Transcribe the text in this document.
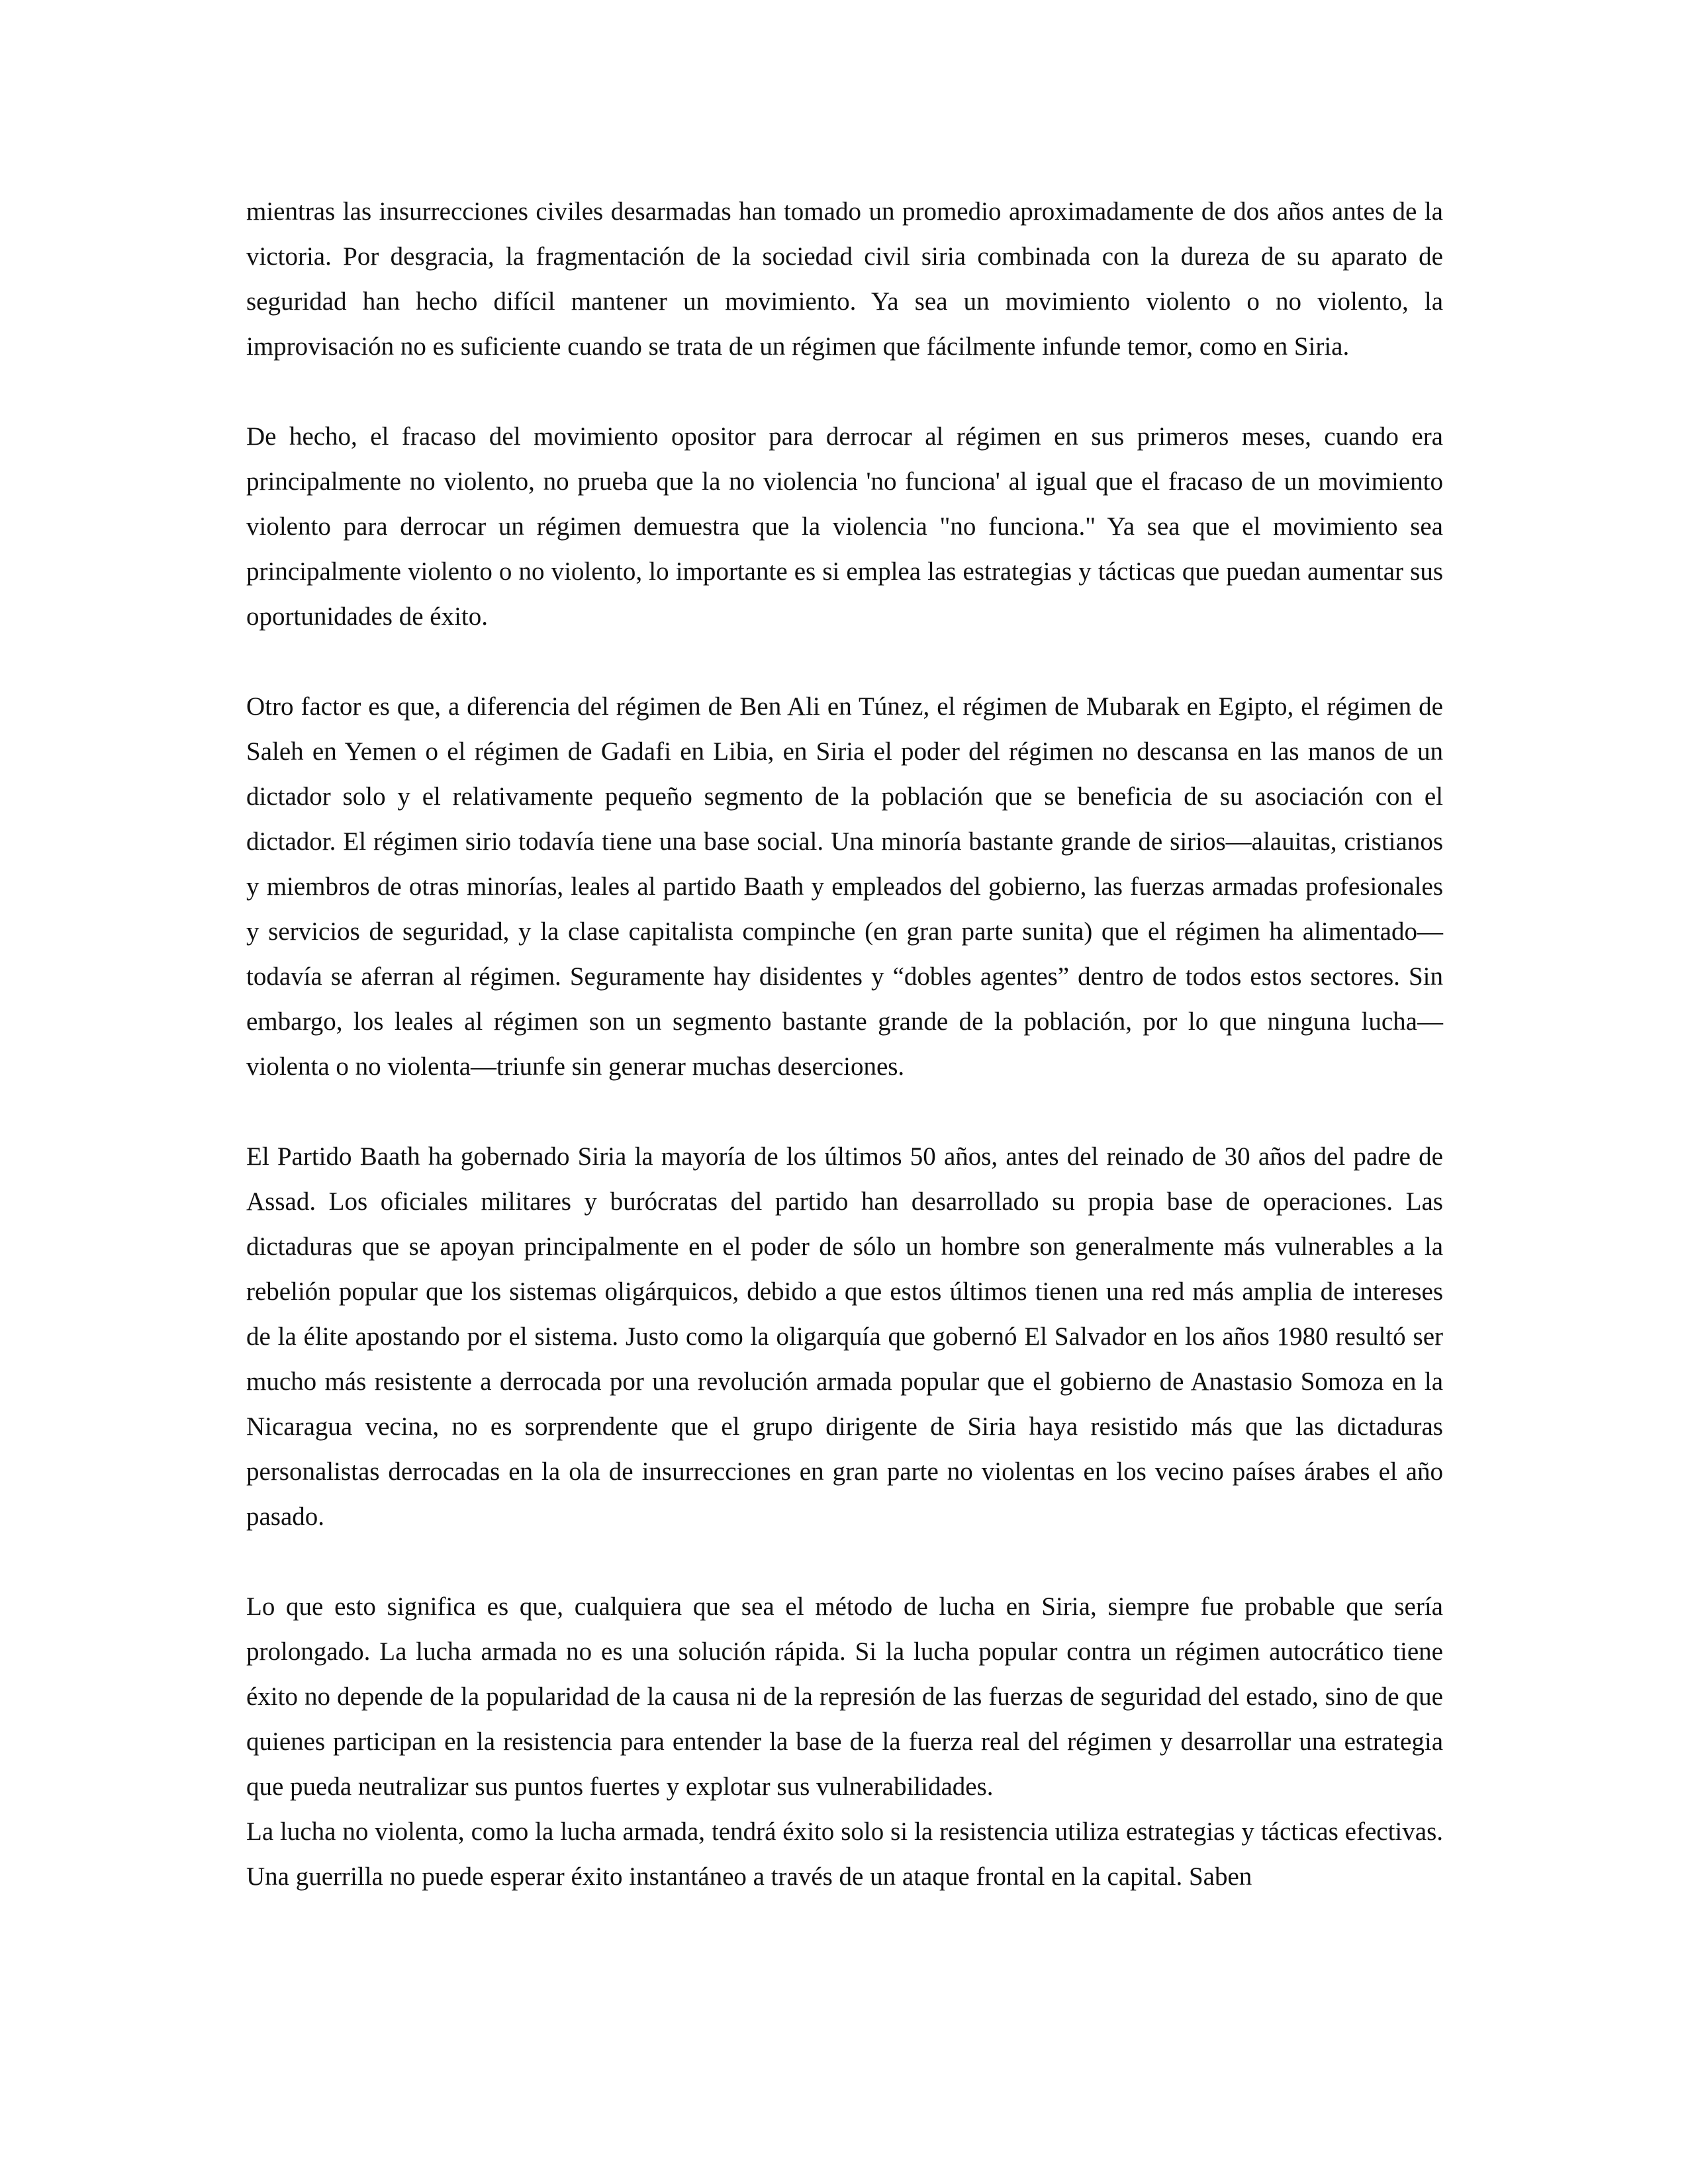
mientras las insurrecciones civiles desarmadas han tomado un promedio aproximadamente de dos años antes de la victoria. Por desgracia, la fragmentación de la sociedad civil siria combinada con la dureza de su aparato de seguridad han hecho difícil mantener un movimiento. Ya sea un movimiento violento o no violento, la improvisación no es suficiente cuando se trata de un régimen que fácilmente infunde temor, como en Siria.

De hecho, el fracaso del movimiento opositor para derrocar al régimen en sus primeros meses, cuando era principalmente no violento, no prueba que la no violencia 'no funciona' al igual que el fracaso de un movimiento violento para derrocar un régimen demuestra que la violencia "no funciona." Ya sea que el movimiento sea principalmente violento o no violento, lo importante es si emplea las estrategias y tácticas que puedan aumentar sus oportunidades de éxito.

Otro factor es que, a diferencia del régimen de Ben Ali en Túnez, el régimen de Mubarak en Egipto, el régimen de Saleh en Yemen o el régimen de Gadafi en Libia, en Siria el poder del régimen no descansa en las manos de un dictador solo y el relativamente pequeño segmento de la población que se beneficia de su asociación con el dictador. El régimen sirio todavía tiene una base social. Una minoría bastante grande de sirios—alauitas, cristianos y miembros de otras minorías, leales al partido Baath y empleados del gobierno, las fuerzas armadas profesionales y servicios de seguridad, y la clase capitalista compinche (en gran parte sunita) que el régimen ha alimentado—todavía se aferran al régimen. Seguramente hay disidentes y “dobles agentes” dentro de todos estos sectores. Sin embargo, los leales al régimen son un segmento bastante grande de la población, por lo que ninguna lucha—violenta o no violenta—triunfe sin generar muchas deserciones.

El Partido Baath ha gobernado Siria la mayoría de los últimos 50 años, antes del reinado de 30 años del padre de Assad. Los oficiales militares y burócratas del partido han desarrollado su propia base de operaciones. Las dictaduras que se apoyan principalmente en el poder de sólo un hombre son generalmente más vulnerables a la rebelión popular que los sistemas oligárquicos, debido a que estos últimos tienen una red más amplia de intereses de la élite apostando por el sistema. Justo como la oligarquía que gobernó El Salvador en los años 1980 resultó ser mucho más resistente a derrocada por una revolución armada popular que el gobierno de Anastasio Somoza en la Nicaragua vecina, no es sorprendente que el grupo dirigente de Siria haya resistido más que las dictaduras personalistas derrocadas en la ola de insurrecciones en gran parte no violentas en los vecino países árabes el año pasado.

Lo que esto significa es que, cualquiera que sea el método de lucha en Siria, siempre fue probable que sería prolongado. La lucha armada no es una solución rápida. Si la lucha popular contra un régimen autocrático tiene éxito no depende de la popularidad de la causa ni de la represión de las fuerzas de seguridad del estado, sino de que quienes participan en la resistencia para entender la base de la fuerza real del régimen y desarrollar una estrategia que pueda neutralizar sus puntos fuertes y explotar sus vulnerabilidades.

La lucha no violenta, como la lucha armada, tendrá éxito solo si la resistencia utiliza estrategias y tácticas efectivas. Una guerrilla no puede esperar éxito instantáneo a través de un ataque frontal en la capital. Saben
